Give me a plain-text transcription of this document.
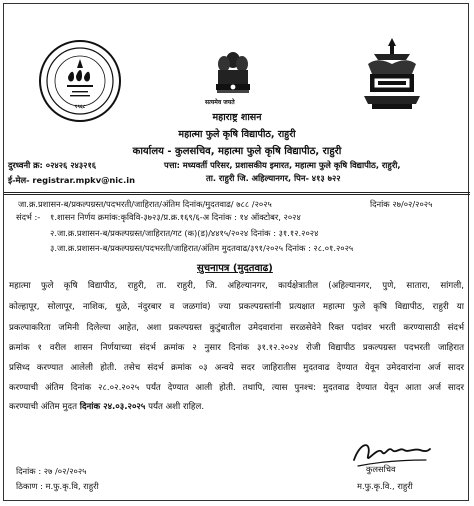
१९६८
सत्यमेव जयते
महाराष्ट्र शासन
महात्मा फुले कृषि विद्यापीठ, राहुरी
कार्यालय - कुलसचिव, महात्मा फुले कृषि विद्यापीठ, राहुरी
दुरध्वनी क्र: ०२४२६ २४३२१६	पत्ता: मध्यवर्ती परिसर, प्रशासकीय इमारत, महात्मा फुले कृषि विद्यापीठ, राहुरी,
ई-मेल- registrar.mpkv@nic.in	ता. राहुरी जि. अहिल्यानगर, पिन- ४१३ ७२२
जा.क्र.प्रशासन-ब/प्रकल्पग्रस्त/पदभरती/जाहिरात/अंतिम दिनांक/मुदतवाढ/ ७८८ /२०२५	दिनांक २७/०२/२०२५
संदर्भ :- १.शासन निर्णय क्रमांक:कृविवि-३७२३/प्र.क्र.१६९/६-अ दिनांक : १४ ऑक्टोबर, २०२४
२.जा.क्र.प्रशासन-ब/प्रकल्पग्रस्त/जाहिरात/गट (क)(ड)/४४१५/२०२४ दिनांक : ३१.१२.२०२४
३.जा.क्र.प्रशासन-ब/प्रकल्पग्रस्त/पदभरती/जाहिरात/अंतिम मुदतवाढ/३९१/२०२५ दिनांक : २८.०१.२०२५
सुचनापत्र (मुदतवाढ)
महात्मा फुले कृषि विद्यापीठ, राहुरी, ता. राहुरी, जि. अहिल्यानगर, कार्यक्षेत्रातील (अहिल्यानगर, पुणे, सातारा, सांगली,
कोल्हापूर, सोलापूर, नाशिक, धुळे, नंदुरबार व जळगांव) ज्या प्रकल्पग्रस्तांनी प्रत्यक्षात महात्मा फुले कृषि विद्यापीठ, राहुरी या
प्रकल्पाकरिता जमिनी दिलेल्या आहेत, अशा प्रकल्पग्रस्त कुटुंबातील उमेदवारांना सरळसेवेने रिक्त पदांवर भरती करण्यासाठी संदर्भ
क्रमांक १ वरील शासन निर्णयाच्या संदर्भ क्रमांक २ नुसार दिनांक ३१.१२.२०२४ रोजी विद्यापीठ प्रकल्पग्रस्त पदभरती जाहिरात
प्रसिध्द करण्यात आलेली होती. तसेच संदर्भ क्रमांक ०३ अन्वये सदर जाहिरातीस मुदतवाढ देण्यात येवून उमेदवारांना अर्ज सादर
करण्याची अंतिम दिनांक २८.०२.२०२५ पर्यंत देण्यात आली होती. तथापि, त्यास पुनश्च: मुदतवाढ देण्यात येवून आता अर्ज सादर
करण्याची अंतिम मुदत दिनांक २४.०३.२०२५ पर्यंत अशी राहिल.
कुलसचिव
म.फु.कृ.वि., राहुरी
दिनांक : २७ /०२/२०२५
ठिकाण : म.फु.कृ.वि, राहुरी
